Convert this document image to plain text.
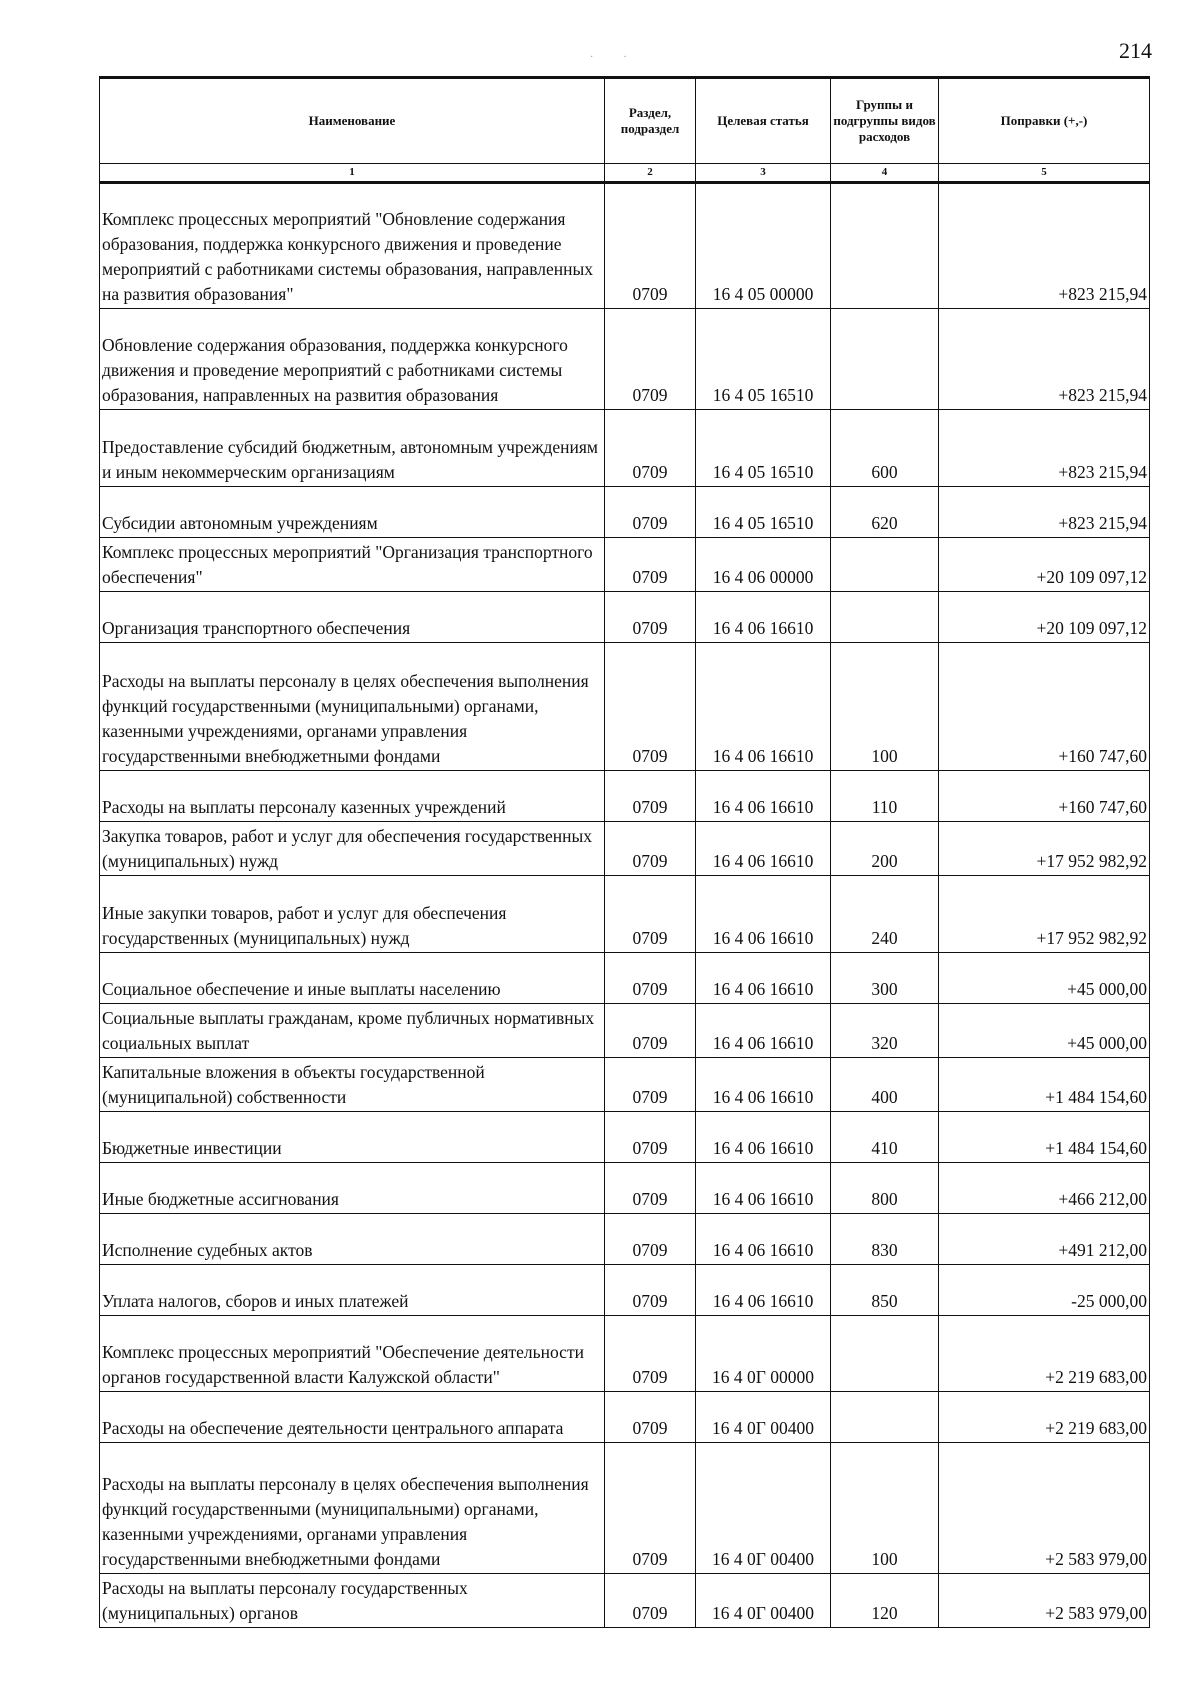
214
··
Наименование	Раздел, подраздел	Целевая статья	Группы и подгруппы видов расходов	Поправки (+,-)
1	2	3	4	5
Комплекс процессных мероприятий "Обновление содержания образования, поддержка конкурсного движения и проведение мероприятий с работниками системы образования, направленных на развития образования"	0709	16 4 05 00000		+823 215,94
Обновление содержания образования, поддержка конкурсного движения и проведение мероприятий с работниками системы образования, направленных на развития образования	0709	16 4 05 16510		+823 215,94
Предоставление субсидий бюджетным, автономным учреждениям и иным некоммерческим организациям	0709	16 4 05 16510	600	+823 215,94
Субсидии автономным учреждениям	0709	16 4 05 16510	620	+823 215,94
Комплекс процессных мероприятий "Организация транспортного обеспечения"	0709	16 4 06 00000		+20 109 097,12
Организация транспортного обеспечения	0709	16 4 06 16610		+20 109 097,12
Расходы на выплаты персоналу в целях обеспечения выполнения функций государственными (муниципальными) органами, казенными учреждениями, органами управления государственными внебюджетными фондами	0709	16 4 06 16610	100	+160 747,60
Расходы на выплаты персоналу казенных учреждений	0709	16 4 06 16610	110	+160 747,60
Закупка товаров, работ и услуг для обеспечения государственных (муниципальных) нужд	0709	16 4 06 16610	200	+17 952 982,92
Иные закупки товаров, работ и услуг для обеспечения государственных (муниципальных) нужд	0709	16 4 06 16610	240	+17 952 982,92
Социальное обеспечение и иные выплаты населению	0709	16 4 06 16610	300	+45 000,00
Социальные выплаты гражданам, кроме публичных нормативных социальных выплат	0709	16 4 06 16610	320	+45 000,00
Капитальные вложения в объекты государственной (муниципальной) собственности	0709	16 4 06 16610	400	+1 484 154,60
Бюджетные инвестиции	0709	16 4 06 16610	410	+1 484 154,60
Иные бюджетные ассигнования	0709	16 4 06 16610	800	+466 212,00
Исполнение судебных актов	0709	16 4 06 16610	830	+491 212,00
Уплата налогов, сборов и иных платежей	0709	16 4 06 16610	850	-25 000,00
Комплекс процессных мероприятий "Обеспечение деятельности органов государственной власти Калужской области"	0709	16 4 0Г 00000		+2 219 683,00
Расходы на обеспечение деятельности центрального аппарата	0709	16 4 0Г 00400		+2 219 683,00
Расходы на выплаты персоналу в целях обеспечения выполнения функций государственными (муниципальными) органами, казенными учреждениями, органами управления государственными внебюджетными фондами	0709	16 4 0Г 00400	100	+2 583 979,00
Расходы на выплаты персоналу государственных (муниципальных) органов	0709	16 4 0Г 00400	120	+2 583 979,00
